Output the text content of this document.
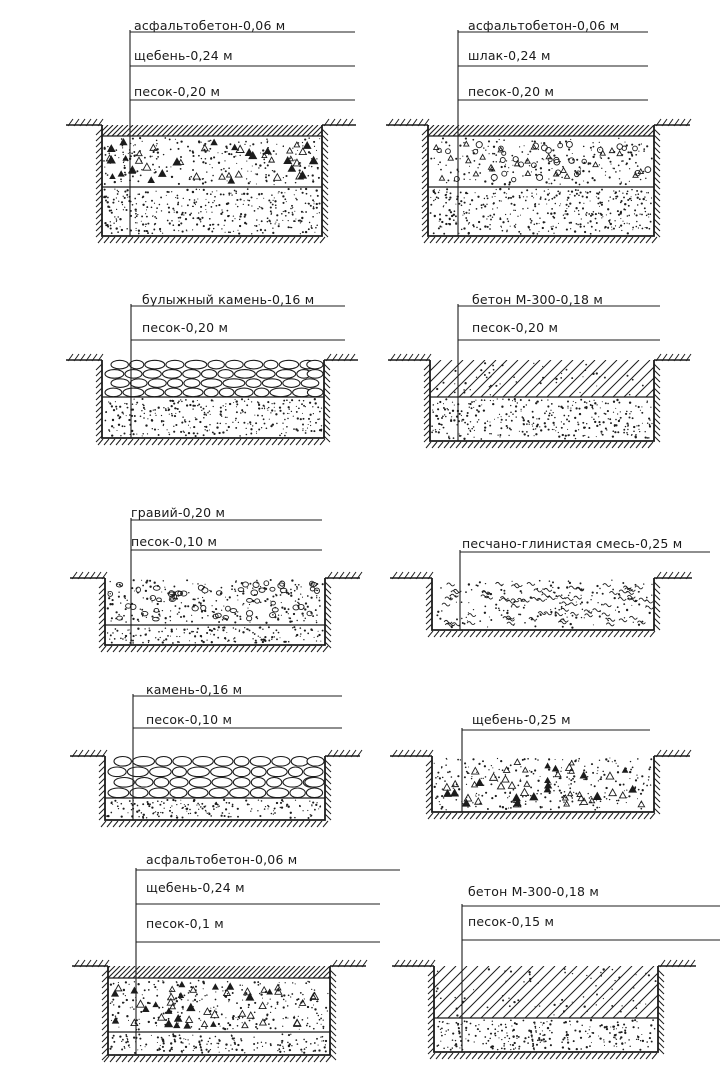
асфальтобетон-0,06 м
щебень-0,24 м
песок-0,20 м
асфальтобетон-0,06 м
шлак-0,24 м
песок-0,20 м
булыжный камень-0,16 м
песок-0,20 м
бетон М-300-0,18 м
песок-0,20 м
гравий-0,20 м
песок-0,10 м	песчано-глинистая смесь-0,25 м
камень-0,16 м
песок-0,10 м	щебень-0,25 м
асфальтобетон-0,06 м
щебень-0,24 м
песок-0,1 м
бетон М-300-0,18 м
песок-0,15 м
